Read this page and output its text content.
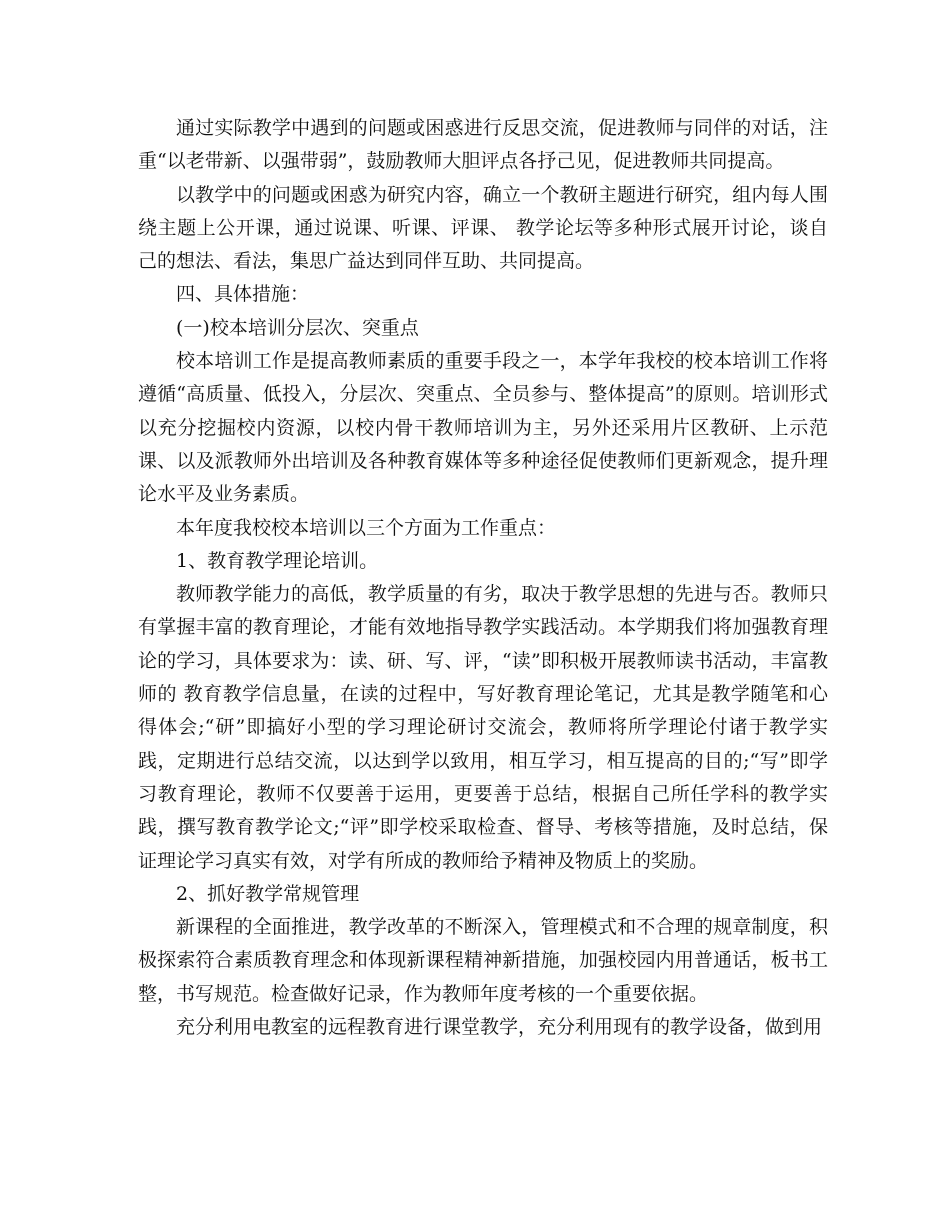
通过实际教学中遇到的问题或困惑进行反思交流，促进教师与同伴的对话，注重“以老带新、以强带弱”，鼓励教师大胆评点各抒己见，促进教师共同提高。

以教学中的问题或困惑为研究内容，确立一个教研主题进行研究，组内每人围绕主题上公开课，通过说课、听课、评课、 教学论坛等多种形式展开讨论，谈自己的想法、看法，集思广益达到同伴互助、共同提高。

四、具体措施：

(一)校本培训分层次、突重点

校本培训工作是提高教师素质的重要手段之一，本学年我校的校本培训工作将遵循“高质量、低投入，分层次、突重点、全员参与、整体提高”的原则。培训形式以充分挖掘校内资源，以校内骨干教师培训为主，另外还采用片区教研、上示范课、以及派教师外出培训及各种教育媒体等多种途径促使教师们更新观念，提升理论水平及业务素质。

本年度我校校本培训以三个方面为工作重点：

1、教育教学理论培训。

教师教学能力的高低，教学质量的有劣，取决于教学思想的先进与否。教师只有掌握丰富的教育理论，才能有效地指导教学实践活动。本学期我们将加强教育理论的学习，具体要求为：读、研、写、评，“读”即积极开展教师读书活动，丰富教师的 教育教学信息量，在读的过程中，写好教育理论笔记，尤其是教学随笔和心得体会;“研”即搞好小型的学习理论研讨交流会，教师将所学理论付诸于教学实践，定期进行总结交流，以达到学以致用，相互学习，相互提高的目的;“写”即学习教育理论，教师不仅要善于运用，更要善于总结，根据自己所任学科的教学实践，撰写教育教学论文;“评”即学校采取检查、督导、考核等措施，及时总结，保证理论学习真实有效，对学有所成的教师给予精神及物质上的奖励。

2、抓好教学常规管理

新课程的全面推进，教学改革的不断深入，管理模式和不合理的规章制度，积极探索符合素质教育理念和体现新课程精神新措施，加强校园内用普通话，板书工整，书写规范。检查做好记录，作为教师年度考核的一个重要依据。

充分利用电教室的远程教育进行课堂教学，充分利用现有的教学设备，做到用
